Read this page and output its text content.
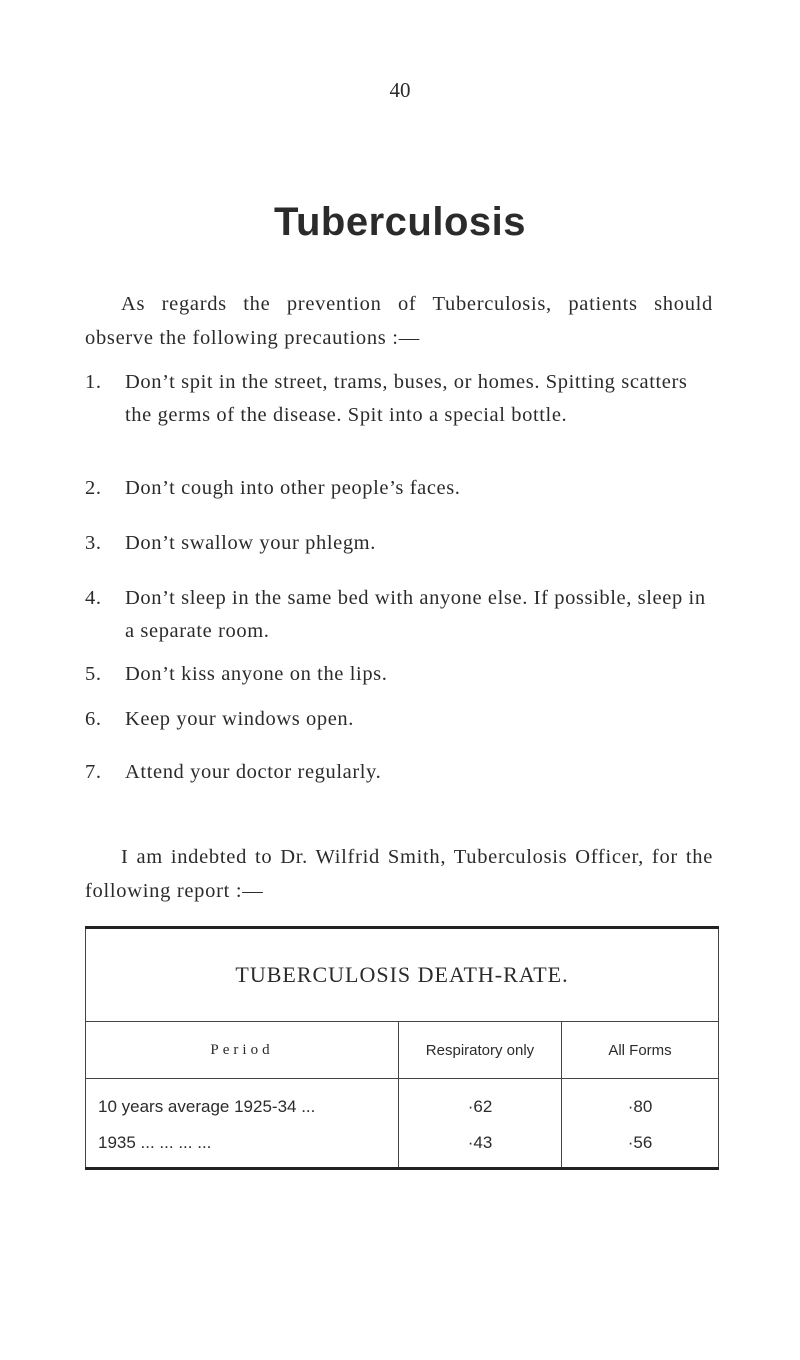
40
Tuberculosis

As regards the prevention of Tuberculosis, patients should observe the following precautions :—

1.	Don’t spit in the street, trams, buses, or homes. Spitting scatters the germs of the disease. Spit into a special bottle.
2.	Don’t cough into other people’s faces.
3.	Don’t swallow your phlegm.
4.	Don’t sleep in the same bed with anyone else. If possible, sleep in a separate room.
5.	Don’t kiss anyone on the lips.
6.	Keep your windows open.
7.	Attend your doctor regularly.

I am indebted to Dr. Wilfrid Smith, Tuberculosis Officer, for the following report :—

TUBERCULOSIS DEATH-RATE.		
Period	Respiratory only	All Forms
10 years average 1925-34 ...	·62	·80
1935 ... ... ... ...	·43	·56
